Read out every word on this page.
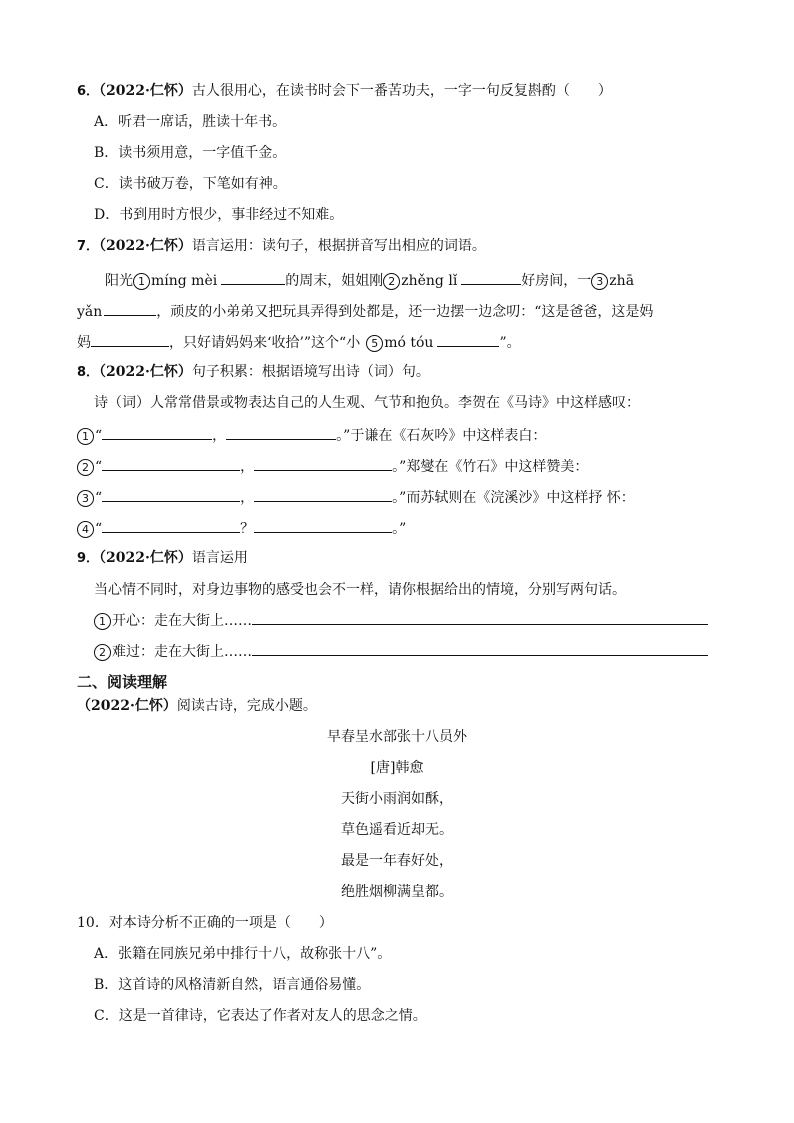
6．（2022·仁怀）古人很用心，在读书时会下一番苦功夫，一字一句反复斟酌（　　）
A．听君一席话，胜读十年书。
B．读书须用意，一字值千金。
C．读书破万卷，下笔如有神。
D．书到用时方恨少，事非经过不知难。
7．（2022·仁怀）语言运用：读句子，根据拼音写出相应的词语。
阳光 1 míng mèi	的周末，姐姐刚 2 zhěng lǐ	好房间，一 3 zhā
yǎn	，顽皮的小弟弟又把玩具弄得到处都是，还一边摆一边念叨：“这是爸爸，这是妈
妈	，只好请妈妈来‘收拾’”这个“小 5 mó tóu	”。
8．（2022·仁怀）句子积累：根据语境写出诗（词）句。
诗（词）人常常借景或物表达自己的人生观、气节和抱负。李贺在《马诗》中这样感叹：
1 “	，	。”于谦在《石灰吟》中这样表白：
2 “	，	。”郑燮在《竹石》中这样赞美：
3 “	，	。”而苏轼则在《浣溪沙》中这样抒 怀：
4 “	？	。”
9．（2022·仁怀）语言运用
当心情不同时，对身边事物的感受也会不一样，请你根据给出的情境，分别写两句话。
1 开心：走在大街上……
2 难过：走在大街上……
二、阅读理解
（2022·仁怀）阅读古诗，完成小题。
早春呈水部张十八员外
[唐]韩愈
天街小雨润如酥，
草色遥看近却无。
最是一年春好处，
绝胜烟柳满皇都。
10．对本诗分析不正确的一项是（　　）
A．张籍在同族兄弟中排行十八，故称张十八”。
B．这首诗的风格清新自然，语言通俗易懂。
C．这是一首律诗，它表达了作者对友人的思念之情。
